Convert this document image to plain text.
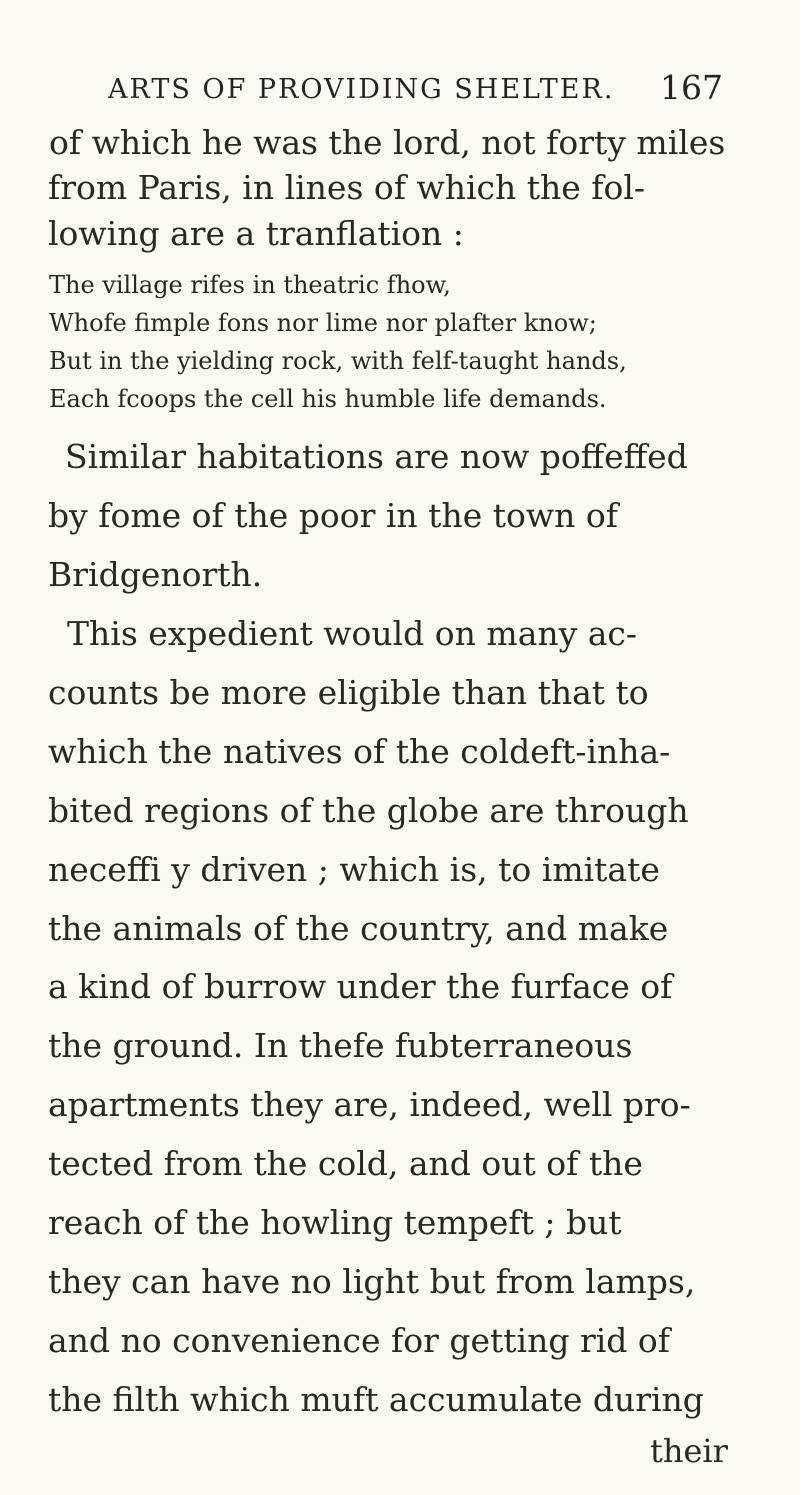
ARTS OF PROVIDING SHELTER. 167
of which he was the lord, not forty miles
from Paris, in lines of which the fol-
lowing are a tranflation :
The village rifes in theatric fhow,
Whofe fimple fons nor lime nor plafter know;
But in the yielding rock, with felf-taught hands,
Each fcoops the cell his humble life demands.
Similar habitations are now poffeffed
by fome of the poor in the town of
Bridgenorth.
This expedient would on many ac-
counts be more eligible than that to
which the natives of the coldeft-inha-
bited regions of the globe are through
neceffi y driven ; which is, to imitate
the animals of the country, and make
a kind of burrow under the furface of
the ground. In thefe fubterraneous
apartments they are, indeed, well pro-
tected from the cold, and out of the
reach of the howling tempeft ; but
they can have no light but from lamps,
and no convenience for getting rid of
the filth which muft accumulate during
their
